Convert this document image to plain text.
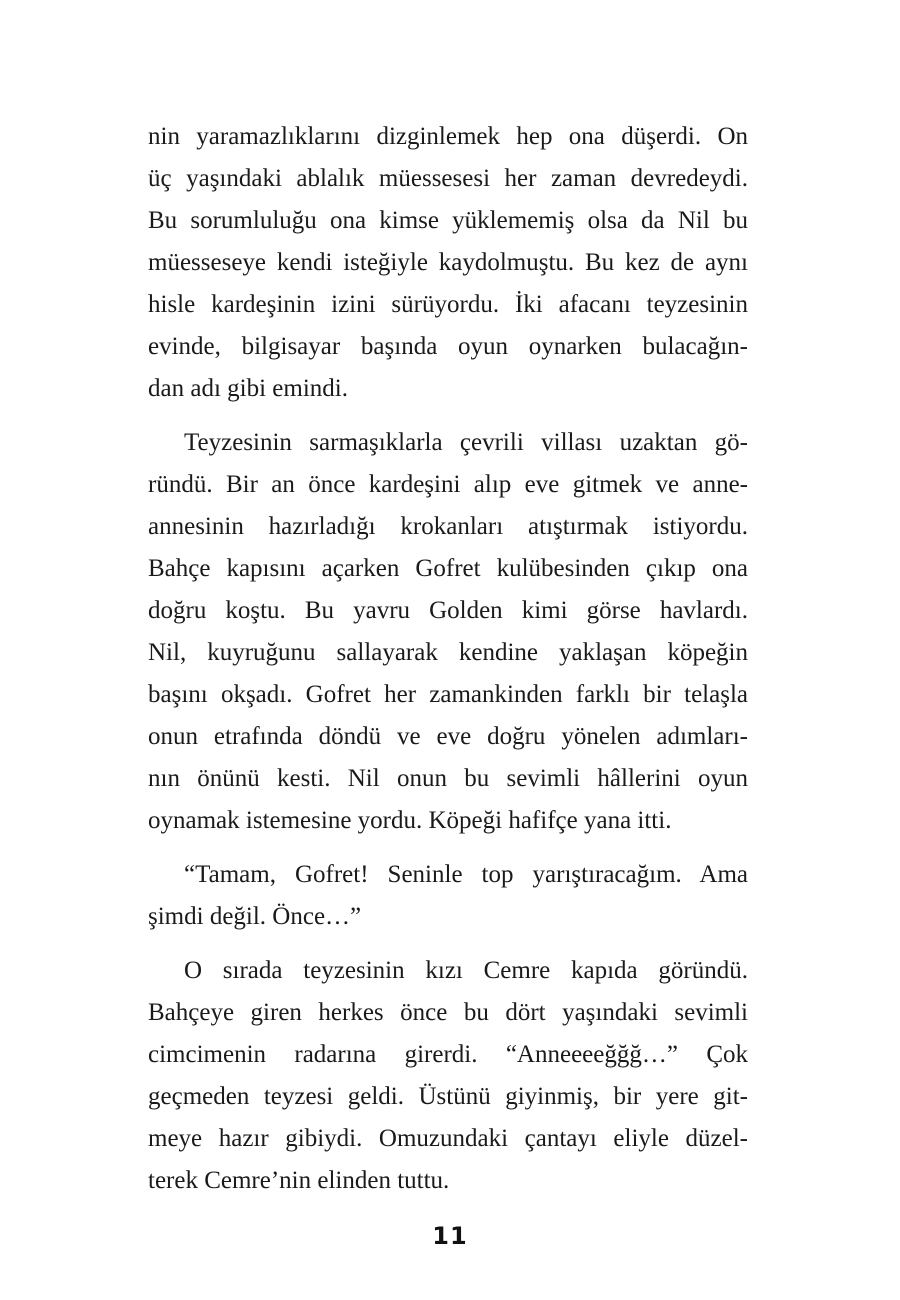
nin yaramazlıklarını dizginlemek hep ona düşerdi. On
üç yaşındaki ablalık müessesesi her zaman devredeydi.
Bu sorumluluğu ona kimse yüklememiş olsa da Nil bu
müesseseye kendi isteğiyle kaydolmuştu. Bu kez de aynı
hisle kardeşinin izini sürüyordu. İki afacanı teyzesinin
evinde, bilgisayar başında oyun oynarken bulacağın-
dan adı gibi emindi.
Teyzesinin sarmaşıklarla çevrili villası uzaktan gö-
ründü. Bir an önce kardeşini alıp eve gitmek ve anne-
annesinin hazırladığı krokanları atıştırmak istiyordu.
Bahçe kapısını açarken Gofret kulübesinden çıkıp ona
doğru koştu. Bu yavru Golden kimi görse havlardı.
Nil, kuyruğunu sallayarak kendine yaklaşan köpeğin
başını okşadı. Gofret her zamankinden farklı bir telaşla
onun etrafında döndü ve eve doğru yönelen adımları-
nın önünü kesti. Nil onun bu sevimli hâllerini oyun
oynamak istemesine yordu. Köpeği hafifçe yana itti.
“Tamam, Gofret! Seninle top yarıştıracağım. Ama
şimdi değil. Önce…”
O sırada teyzesinin kızı Cemre kapıda göründü.
Bahçeye giren herkes önce bu dört yaşındaki sevimli
cimcimenin radarına girerdi. “Anneeeeğğğ…” Çok
geçmeden teyzesi geldi. Üstünü giyinmiş, bir yere git-
meye hazır gibiydi. Omuzundaki çantayı eliyle düzel-
terek Cemre’nin elinden tuttu.
11
